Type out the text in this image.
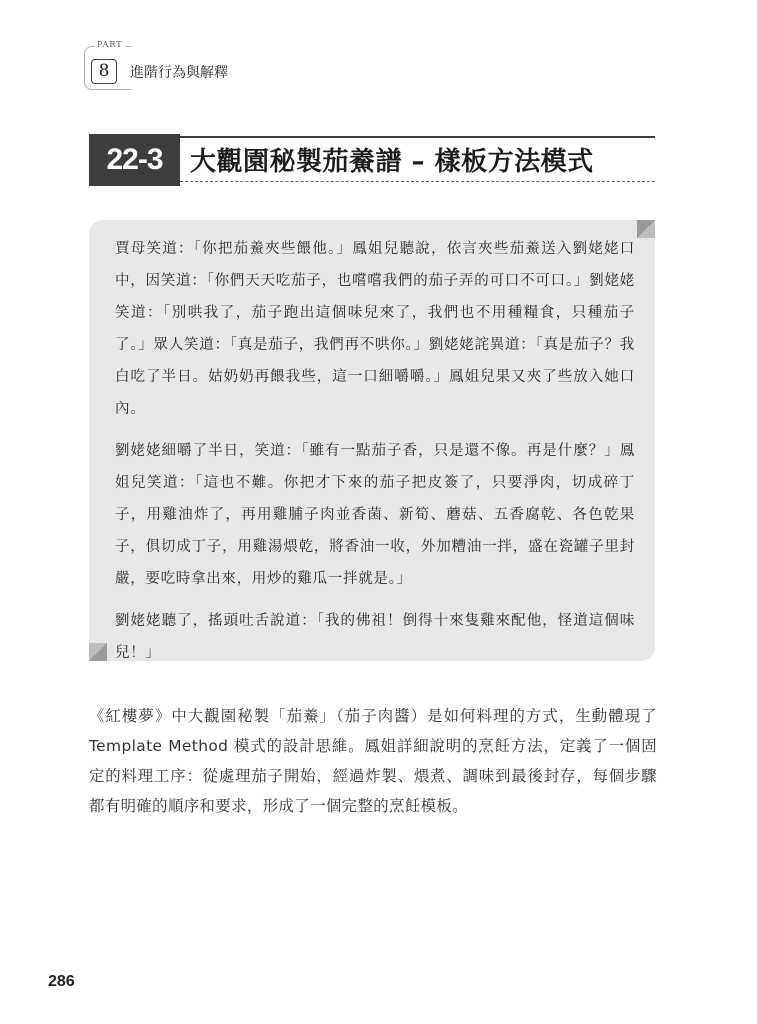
PART
8	進階行為與解釋
22-3	大觀園秘製茄鯗譜 – 樣板方法模式

賈母笑道：「你把茄鯗夾些餵他。」鳳姐兒聽說，依言夾些茄鯗送入劉姥姥口中，因笑道：「你們天天吃茄子，也嚐嚐我們的茄子弄的可口不可口。」劉姥姥笑道：「別哄我了，茄子跑出這個味兒來了，我們也不用種糧食，只種茄子了。」眾人笑道：「真是茄子，我們再不哄你。」劉姥姥詫異道：「真是茄子？我白吃了半日。姑奶奶再餵我些，這一口細嚼嚼。」鳳姐兒果又夾了些放入她口內。

劉姥姥細嚼了半日，笑道：「雖有一點茄子香，只是還不像。再是什麼？」鳳姐兒笑道：「這也不難。你把才下來的茄子把皮簽了，只要淨肉，切成碎丁子，用雞油炸了，再用雞脯子肉並香菌、新筍、蘑菇、五香腐乾、各色乾果子，俱切成丁子，用雞湯煨乾，將香油一收，外加糟油一拌，盛在瓷罐子里封嚴，要吃時拿出來，用炒的雞瓜一拌就是。」

劉姥姥聽了，搖頭吐舌說道：「我的佛祖！倒得十來隻雞來配他，怪道這個味兒！」

《紅樓夢》中大觀園秘製「茄鯗」（茄子肉醬）是如何料理的方式，生動體現了 Template Method 模式的設計思維。鳳姐詳細說明的烹飪方法，定義了一個固定的料理工序：從處理茄子開始，經過炸製、煨煮、調味到最後封存，每個步驟都有明確的順序和要求，形成了一個完整的烹飪模板。

286
